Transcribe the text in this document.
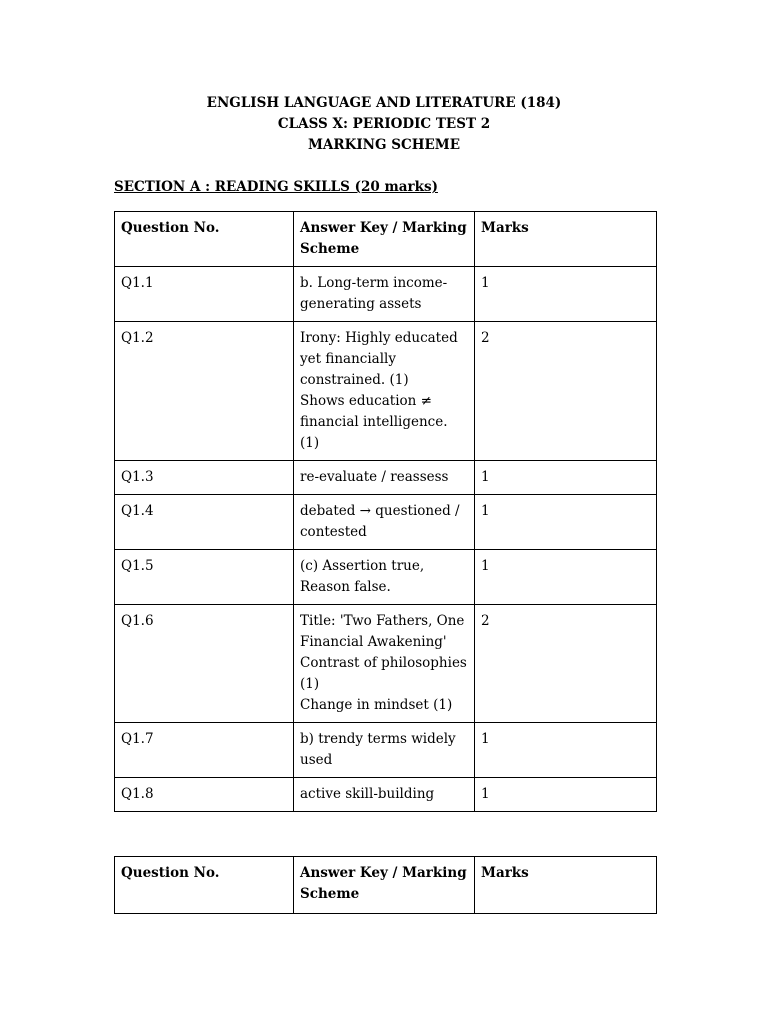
ENGLISH LANGUAGE AND LITERATURE (184)
CLASS X: PERIODIC TEST 2
MARKING SCHEME
SECTION A : READING SKILLS (20 marks)
Question No.	Answer Key / Marking Scheme	Marks
Q1.1	b. Long-term income-generating assets	1
Q1.2	Irony: Highly educated yet financially constrained. (1)
Shows education ≠ financial intelligence. (1)	2
Q1.3	re-evaluate / reassess	1
Q1.4	debated → questioned / contested	1
Q1.5	(c) Assertion true, Reason false.	1
Q1.6	Title: 'Two Fathers, One Financial Awakening'
Contrast of philosophies (1)
Change in mindset (1)	2
Q1.7	b) trendy terms widely used	1
Q1.8	active skill-building	1
Question No.	Answer Key / Marking Scheme	Marks
